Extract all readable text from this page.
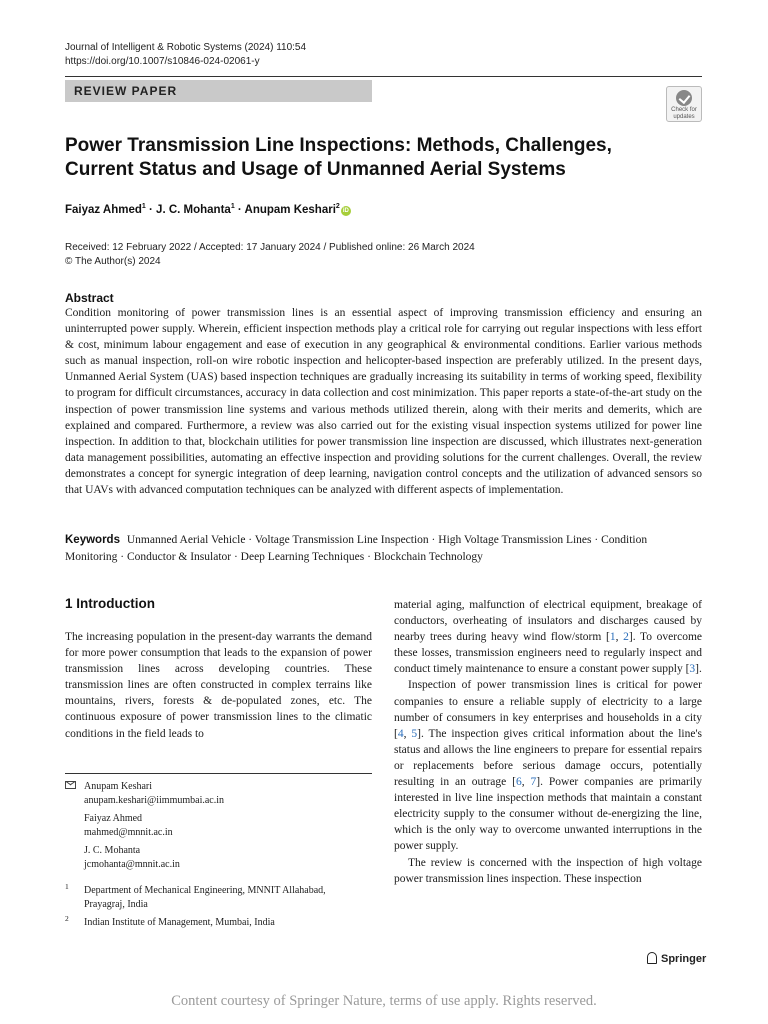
Journal of Intelligent & Robotic Systems (2024) 110:54
https://doi.org/10.1007/s10846-024-02061-y
REVIEW PAPER
Check for
updates
Power Transmission Line Inspections: Methods, Challenges, Current Status and Usage of Unmanned Aerial Systems
Faiyaz Ahmed$^1$ · J. C. Mohanta$^1$ · Anupam Keshari$^2$iD
Received: 12 February 2022 / Accepted: 17 January 2024 / Published online: 26 March 2024
© The Author(s) 2024
Abstract

Condition monitoring of power transmission lines is an essential aspect of improving transmission efficiency and ensuring an uninterrupted power supply. Wherein, efficient inspection methods play a critical role for carrying out regular inspections with less effort & cost, minimum labour engagement and ease of execution in any geographical & environmental conditions. Earlier various methods such as manual inspection, roll-on wire robotic inspection and helicopter-based inspection are preferably utilized. In the present days, Unmanned Aerial System (UAS) based inspection techniques are gradually increasing its suitability in terms of working speed, flexibility to program for difficult circumstances, accuracy in data collection and cost minimization. This paper reports a state-of-the-art study on the inspection of power transmission line systems and various methods utilized therein, along with their merits and demerits, which are explained and compared. Furthermore, a review was also carried out for the existing visual inspection systems utilized for power line inspection. In addition to that, blockchain utilities for power transmission line inspection are discussed, which illustrates next-generation data management possibilities, automating an effective inspection and providing solutions for the current challenges. Overall, the review demonstrates a concept for synergic integration of deep learning, navigation control concepts and the utilization of advanced sensors so that UAVs with advanced computation techniques can be analyzed with different aspects of implementation.

Keywords Unmanned Aerial Vehicle · Voltage Transmission Line Inspection · High Voltage Transmission Lines · Condition Monitoring · Conductor & Insulator · Deep Learning Techniques · Blockchain Technology
1 Introduction

The increasing population in the present-day warrants the demand for more power consumption that leads to the expansion of power transmission lines across developing countries. These transmission lines are often constructed in complex terrains like mountains, rivers, forests & de-populated zones, etc. The continuous exposure of power transmission lines to the climatic conditions in the field leads to

material aging, malfunction of electrical equipment, breakage of conductors, overheating of insulators and discharges caused by nearby trees during heavy wind flow/storm [1, 2]. To overcome these losses, transmission engineers need to regularly inspect and conduct timely maintenance to ensure a constant power supply [3].

Inspection of power transmission lines is critical for power companies to ensure a reliable supply of electricity to a large number of consumers in key enterprises and households in a city [4, 5]. The inspection gives critical information about the line's status and allows the line engineers to prepare for essential repairs or replacements before serious damage occurs, potentially resulting in an outrage [6, 7]. Power companies are primarily interested in live line inspection methods that maintain a constant electricity supply to the consumer without de-energizing the line, which is the only way to overcome unwanted interruptions in the power supply.

The review is concerned with the inspection of high voltage power transmission lines inspection. These inspection

Anupam Keshari
anupam.keshari@iimmumbai.ac.in
Faiyaz Ahmed
mahmed@mnnit.ac.in
J. C. Mohanta
jcmohanta@mnnit.ac.in
1 Department of Mechanical Engineering, MNNIT Allahabad,
Prayagraj, India
2 Indian Institute of Management, Mumbai, India
Springer
Content courtesy of Springer Nature, terms of use apply. Rights reserved.
